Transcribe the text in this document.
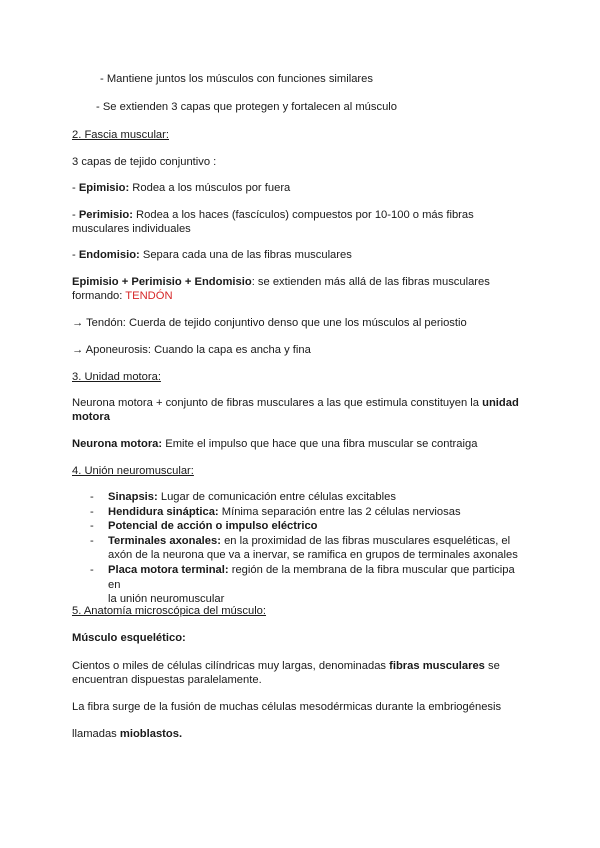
- Mantiene juntos los músculos con funciones similares
- Se extienden 3 capas que protegen y fortalecen al músculo
2. Fascia muscular:
3 capas de tejido conjuntivo :
- Epimisio: Rodea a los músculos por fuera
- Perimisio: Rodea a los haces (fascículos) compuestos por 10-100 o más fibras
musculares individuales
- Endomisio: Separa cada una de las fibras musculares
Epimisio + Perimisio + Endomisio: se extienden más allá de las fibras musculares
formando: TENDÓN
→ Tendón: Cuerda de tejido conjuntivo denso que une los músculos al periostio
→ Aponeurosis: Cuando la capa es ancha y fina
3. Unidad motora:
Neurona motora + conjunto de fibras musculares a las que estimula constituyen la unidad
motora
Neurona motora: Emite el impulso que hace que una fibra muscular se contraiga
4. Unión neuromuscular:
- Sinapsis: Lugar de comunicación entre células excitables
- Hendidura sináptica: Mínima separación entre las 2 células nerviosas
- Potencial de acción o impulso eléctrico
- Terminales axonales: en la proximidad de las fibras musculares esqueléticas, el
axón de la neurona que va a inervar, se ramifica en grupos de terminales axonales
- Placa motora terminal: región de la membrana de la fibra muscular que participa en
la unión neuromuscular
5. Anatomía microscópica del músculo:
Músculo esquelético:
Cientos o miles de células cilíndricas muy largas, denominadas fibras musculares se
encuentran dispuestas paralelamente.
La fibra surge de la fusión de muchas células mesodérmicas durante la embriogénesis
llamadas mioblastos.
